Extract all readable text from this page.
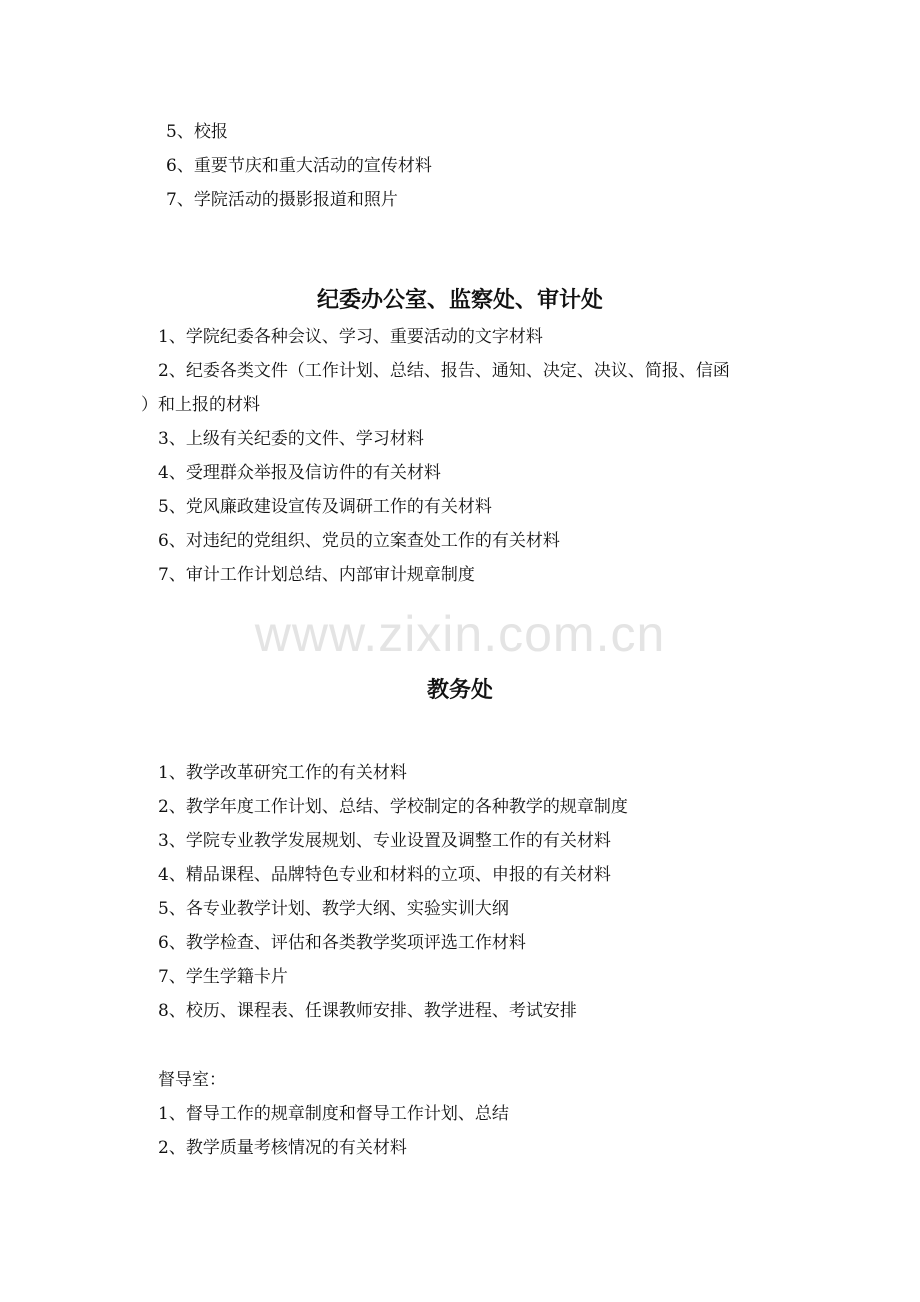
5、校报
6、重要节庆和重大活动的宣传材料
7、学院活动的摄影报道和照片
纪委办公室、监察处、审计处
1、学院纪委各种会议、学习、重要活动的文字材料
2、纪委各类文件（工作计划、总结、报告、通知、决定、决议、简报、信函
）和上报的材料
3、上级有关纪委的文件、学习材料
4、受理群众举报及信访件的有关材料
5、党风廉政建设宣传及调研工作的有关材料
6、对违纪的党组织、党员的立案查处工作的有关材料
7、审计工作计划总结、内部审计规章制度
www.zixin.com.cn
教务处
1、教学改革研究工作的有关材料
2、教学年度工作计划、总结、学校制定的各种教学的规章制度
3、学院专业教学发展规划、专业设置及调整工作的有关材料
4、精品课程、品牌特色专业和材料的立项、申报的有关材料
5、各专业教学计划、教学大纲、实验实训大纲
6、教学检查、评估和各类教学奖项评选工作材料
7、学生学籍卡片
8、校历、课程表、任课教师安排、教学进程、考试安排
督导室：
1、督导工作的规章制度和督导工作计划、总结
2、教学质量考核情况的有关材料
